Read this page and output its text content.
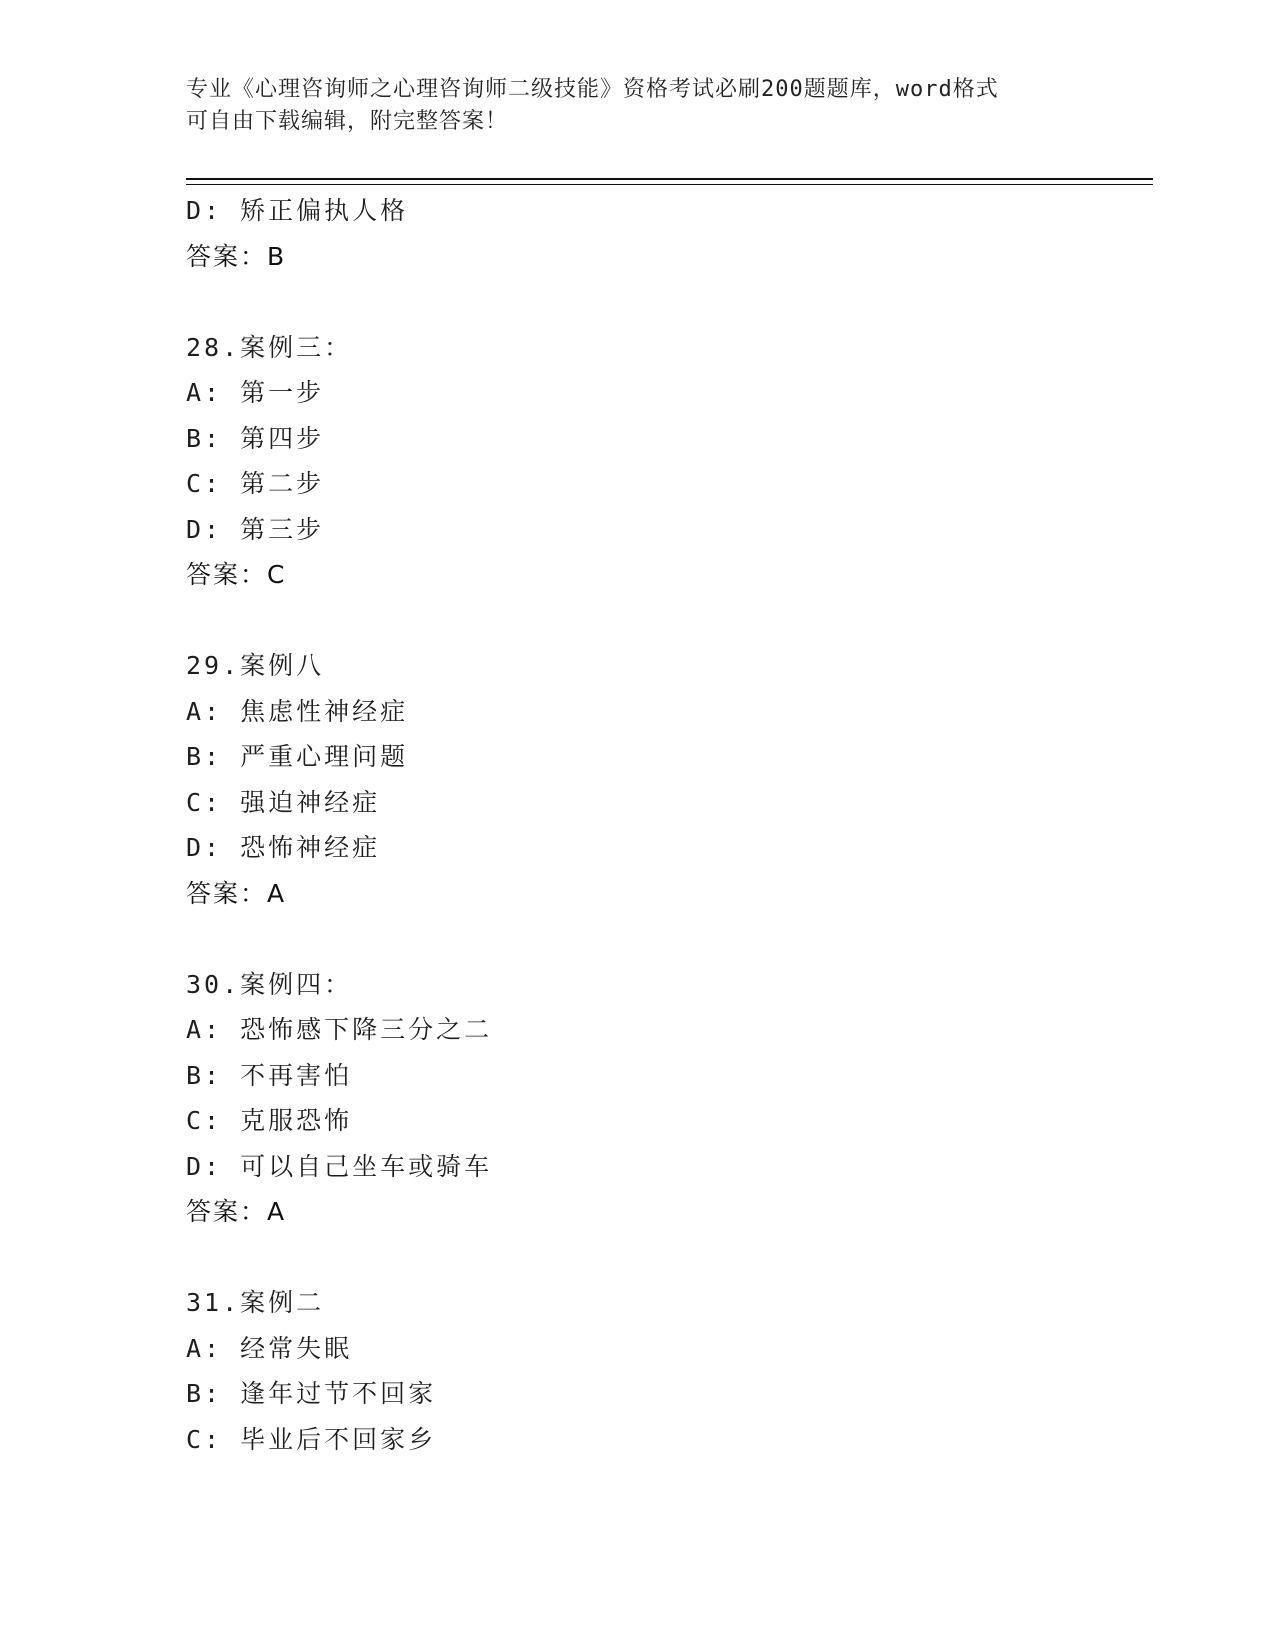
专业《心理咨询师之心理咨询师二级技能》资格考试必刷200题题库，word格式
可自由下载编辑，附完整答案！
D: 矫正偏执人格
答案：B
28.案例三：
A: 第一步
B: 第四步
C: 第二步
D: 第三步
答案：C
29.案例八
A: 焦虑性神经症
B: 严重心理问题
C: 强迫神经症
D: 恐怖神经症
答案：A
30.案例四：
A: 恐怖感下降三分之二
B: 不再害怕
C: 克服恐怖
D: 可以自己坐车或骑车
答案：A
31.案例二
A: 经常失眠
B: 逢年过节不回家
C: 毕业后不回家乡
